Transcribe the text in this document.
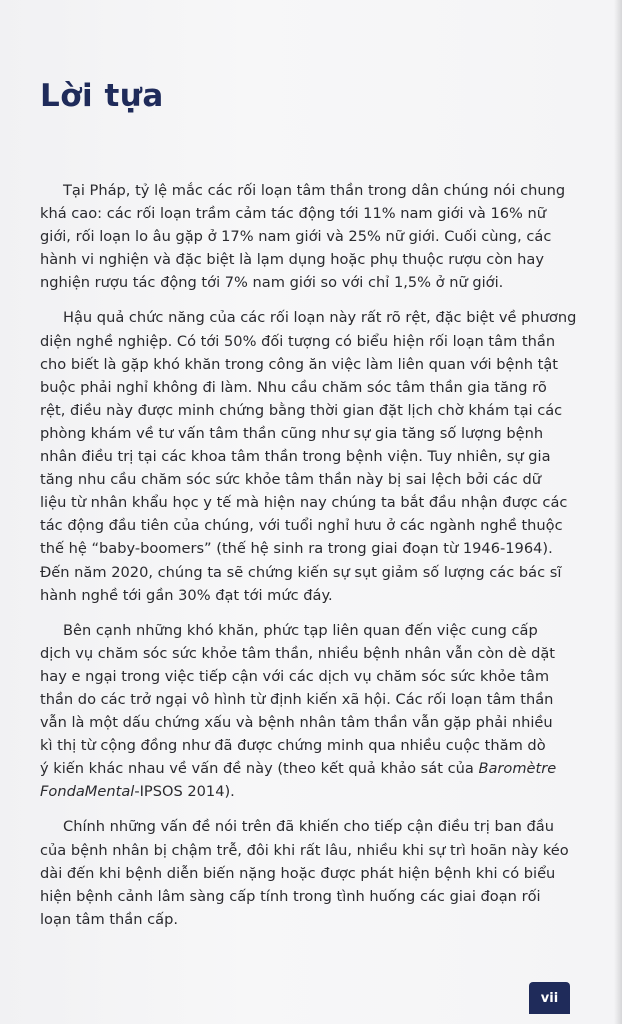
Lời tựa

Tại Pháp, tỷ lệ mắc các rối loạn tâm thần trong dân chúng nói chung
khá cao: các rối loạn trầm cảm tác động tới 11% nam giới và 16% nữ
giới, rối loạn lo âu gặp ở 17% nam giới và 25% nữ giới. Cuối cùng, các
hành vi nghiện và đặc biệt là lạm dụng hoặc phụ thuộc rượu còn hay
nghiện rượu tác động tới 7% nam giới so với chỉ 1,5% ở nữ giới.

Hậu quả chức năng của các rối loạn này rất rõ rệt, đặc biệt về phương
diện nghề nghiệp. Có tới 50% đối tượng có biểu hiện rối loạn tâm thần
cho biết là gặp khó khăn trong công ăn việc làm liên quan với bệnh tật
buộc phải nghỉ không đi làm. Nhu cầu chăm sóc tâm thần gia tăng rõ
rệt, điều này được minh chứng bằng thời gian đặt lịch chờ khám tại các
phòng khám về tư vấn tâm thần cũng như sự gia tăng số lượng bệnh
nhân điều trị tại các khoa tâm thần trong bệnh viện. Tuy nhiên, sự gia
tăng nhu cầu chăm sóc sức khỏe tâm thần này bị sai lệch bởi các dữ
liệu từ nhân khẩu học y tế mà hiện nay chúng ta bắt đầu nhận được các
tác động đầu tiên của chúng, với tuổi nghỉ hưu ở các ngành nghề thuộc
thế hệ “baby-boomers” (thế hệ sinh ra trong giai đoạn từ 1946-1964).
Đến năm 2020, chúng ta sẽ chứng kiến sự sụt giảm số lượng các bác sĩ
hành nghề tới gần 30% đạt tới mức đáy.

Bên cạnh những khó khăn, phức tạp liên quan đến việc cung cấp
dịch vụ chăm sóc sức khỏe tâm thần, nhiều bệnh nhân vẫn còn dè dặt
hay e ngại trong việc tiếp cận với các dịch vụ chăm sóc sức khỏe tâm
thần do các trở ngại vô hình từ định kiến xã hội. Các rối loạn tâm thần
vẫn là một dấu chứng xấu và bệnh nhân tâm thần vẫn gặp phải nhiều
kì thị từ cộng đồng như đã được chứng minh qua nhiều cuộc thăm dò
ý kiến khác nhau về vấn đề này (theo kết quả khảo sát của Baromètre
FondaMental-IPSOS 2014).

Chính những vấn đề nói trên đã khiến cho tiếp cận điều trị ban đầu
của bệnh nhân bị chậm trễ, đôi khi rất lâu, nhiều khi sự trì hoãn này kéo
dài đến khi bệnh diễn biến nặng hoặc được phát hiện bệnh khi có biểu
hiện bệnh cảnh lâm sàng cấp tính trong tình huống các giai đoạn rối
loạn tâm thần cấp.

vii
